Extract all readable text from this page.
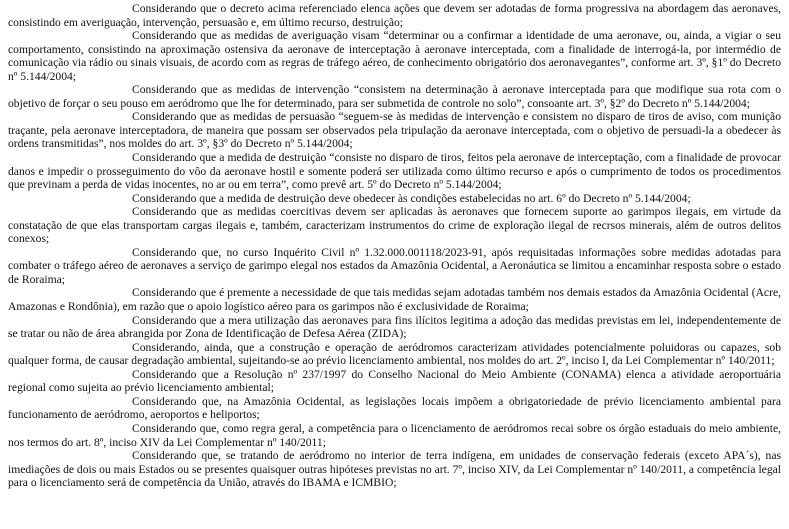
Considerando que o decreto acima referenciado elenca ações que devem ser adotadas de forma progressiva na abordagem das aeronaves, consistindo em averiguação, intervenção, persuasão e, em último recurso, destruição;

Considerando que as medidas de averiguação visam “determinar ou a confirmar a identidade de uma aeronave, ou, ainda, a vigiar o seu comportamento, consistindo na aproximação ostensiva da aeronave de interceptação à aeronave interceptada, com a finalidade de interrogá-la, por intermédio de comunicação via rádio ou sinais visuais, de acordo com as regras de tráfego aéreo, de conhecimento obrigatório dos aeronavegantes”, conforme art. 3º, §1º do Decreto nº 5.144/2004;

Considerando que as medidas de intervenção “consistem na determinação à aeronave interceptada para que modifique sua rota com o objetivo de forçar o seu pouso em aeródromo que lhe for determinado, para ser submetida de controle no solo”, consoante art. 3º, §2º do Decreto nº 5.144/2004;

Considerando que as medidas de persuasão “seguem-se às medidas de intervenção e consistem no disparo de tiros de aviso, com munição traçante, pela aeronave interceptadora, de maneira que possam ser observados pela tripulação da aeronave interceptada, com o objetivo de persuadi-la a obedecer às ordens transmitidas”, nos moldes do art. 3º, §3º do Decreto nº 5.144/2004;

Considerando que a medida de destruição “consiste no disparo de tiros, feitos pela aeronave de interceptação, com a finalidade de provocar danos e impedir o prosseguimento do vôo da aeronave hostil e somente poderá ser utilizada como último recurso e após o cumprimento de todos os procedimentos que previnam a perda de vidas inocentes, no ar ou em terra”, como prevê art. 5º do Decreto nº 5.144/2004;

Considerando que a medida de destruição deve obedecer às condições estabelecidas no art. 6º do Decreto nº 5.144/2004;

Considerando que as medidas coercitivas devem ser aplicadas às aeronaves que fornecem suporte ao garimpos ilegais, em virtude da constatação de que elas transportam cargas ilegais e, também, caracterizam instrumentos do crime de exploração ilegal de recrsos minerais, além de outros delitos conexos;

Considerando que, no curso Inquérito Civil nº 1.32.000.001118/2023-91, após requisitadas informações sobre medidas adotadas para combater o tráfego aéreo de aeronaves a serviço de garimpo elegal nos estados da Amazônia Ocidental, a Aeronáutica se limitou a encaminhar resposta sobre o estado de Roraima;

Considerando que é premente a necessidade de que tais medidas sejam adotadas também nos demais estados da Amazônia Ocidental (Acre, Amazonas e Rondônia), em razão que o apoio logístico aéreo para os garimpos não é exclusividade de Roraima;

Considerando que a mera utilização das aeronaves para fins ilícitos legitima a adoção das medidas previstas em lei, independentemente de se tratar ou não de área abrangida por Zona de Identificação de Defesa Aérea (ZIDA);

Considerando, ainda, que a construção e operação de aeródromos caracterizam atividades potencialmente poluidoras ou capazes, sob qualquer forma, de causar degradação ambiental, sujeitando-se ao prévio licenciamento ambiental, nos moldes do art. 2º, inciso I, da Lei Complementar nº 140/2011;

Considerando que a Resolução nº 237/1997 do Conselho Nacional do Meio Ambiente (CONAMA) elenca a atividade aeroportuária regional como sujeita ao prévio licenciamento ambiental;

Considerando que, na Amazônia Ocidental, as legislações locais impõem a obrigatoriedade de prévio licenciamento ambiental para funcionamento de aeródromo, aeroportos e heliportos;

Considerando que, como regra geral, a competência para o licenciamento de aeródromos recai sobre os órgão estaduais do meio ambiente, nos termos do art. 8º, inciso XIV da Lei Complementar nº 140/2011;

Considerando que, se tratando de aeródromo no interior de terra indígena, em unidades de conservação federais (exceto APA´s), nas imediações de dois ou mais Estados ou se presentes quaisquer outras hipóteses previstas no art. 7º, inciso XIV, da Lei Complementar nº 140/2011, a competência legal para o licenciamento será de competência da União, através do IBAMA e ICMBIO;
